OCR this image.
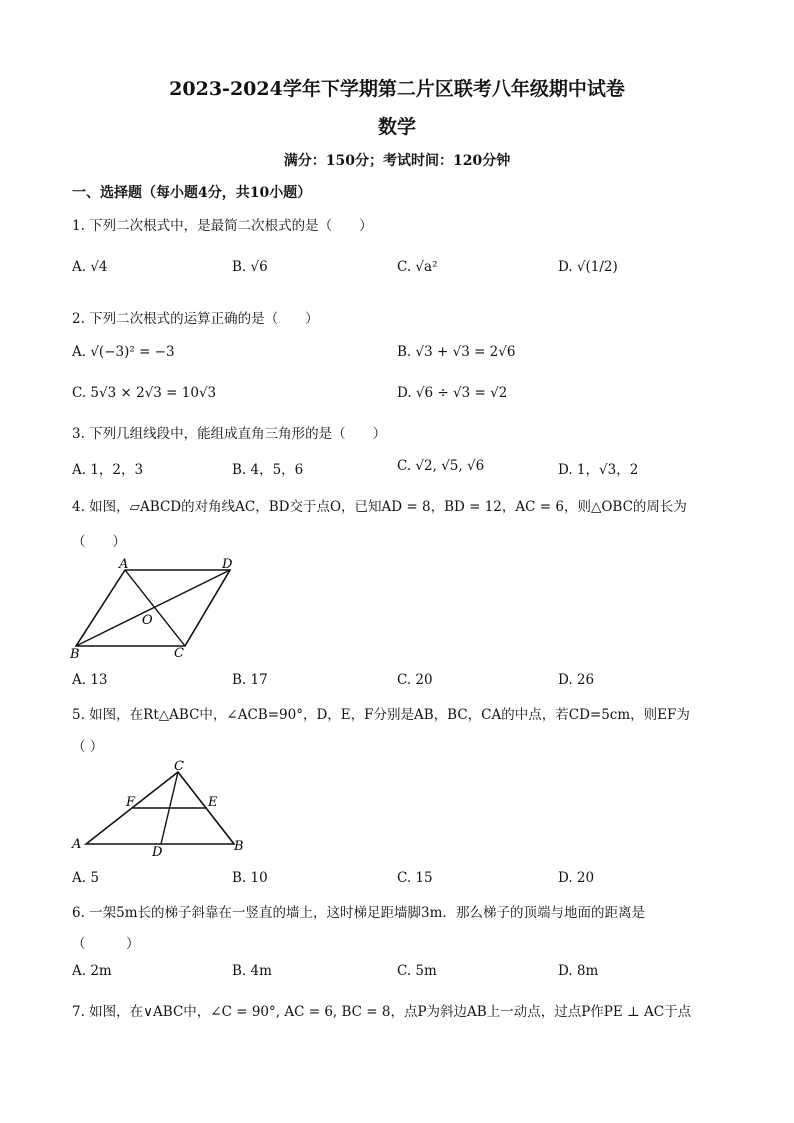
2023-2024学年下学期第二片区联考八年级期中试卷
数学
满分：150分；考试时间：120分钟
一、选择题（每小题4分，共10小题）
1. 下列二次根式中，是最简二次根式的是（　　）
A. √4	B. √6	C. √a²	D. √(1/2)
2. 下列二次根式的运算正确的是（　　）
A. √(−3)² = −3	B. √3 + √3 = 2√6
C. 5√3 × 2√3 = 10√3	D. √6 ÷ √3 = √2
3. 下列几组线段中，能组成直角三角形的是（　　）
A. 1，2，3	B. 4，5，6	C. √2, √5, √6	D. 1，√3，2
4. 如图，▱ABCD的对角线AC，BD交于点O，已知AD = 8，BD = 12，AC = 6，则△OBC的周长为
（　　）
A	D
O
B	C
A. 13	B. 17	C. 20	D. 26
5. 如图，在Rt△ABC中，∠ACB=90°，D，E，F分别是AB，BC，CA的中点，若CD=5cm，则EF为
（ ）
C
F	E
A
D	B
A. 5	B. 10	C. 15	D. 20
6. 一架5m长的梯子斜靠在一竖直的墙上，这时梯足距墙脚3m．那么梯子的顶端与地面的距离是
（　　　）
A. 2m	B. 4m	C. 5m	D. 8m
7. 如图，在∨ABC中，∠C = 90°, AC = 6, BC = 8，点P为斜边AB上一动点，过点P作PE ⊥ AC于点
